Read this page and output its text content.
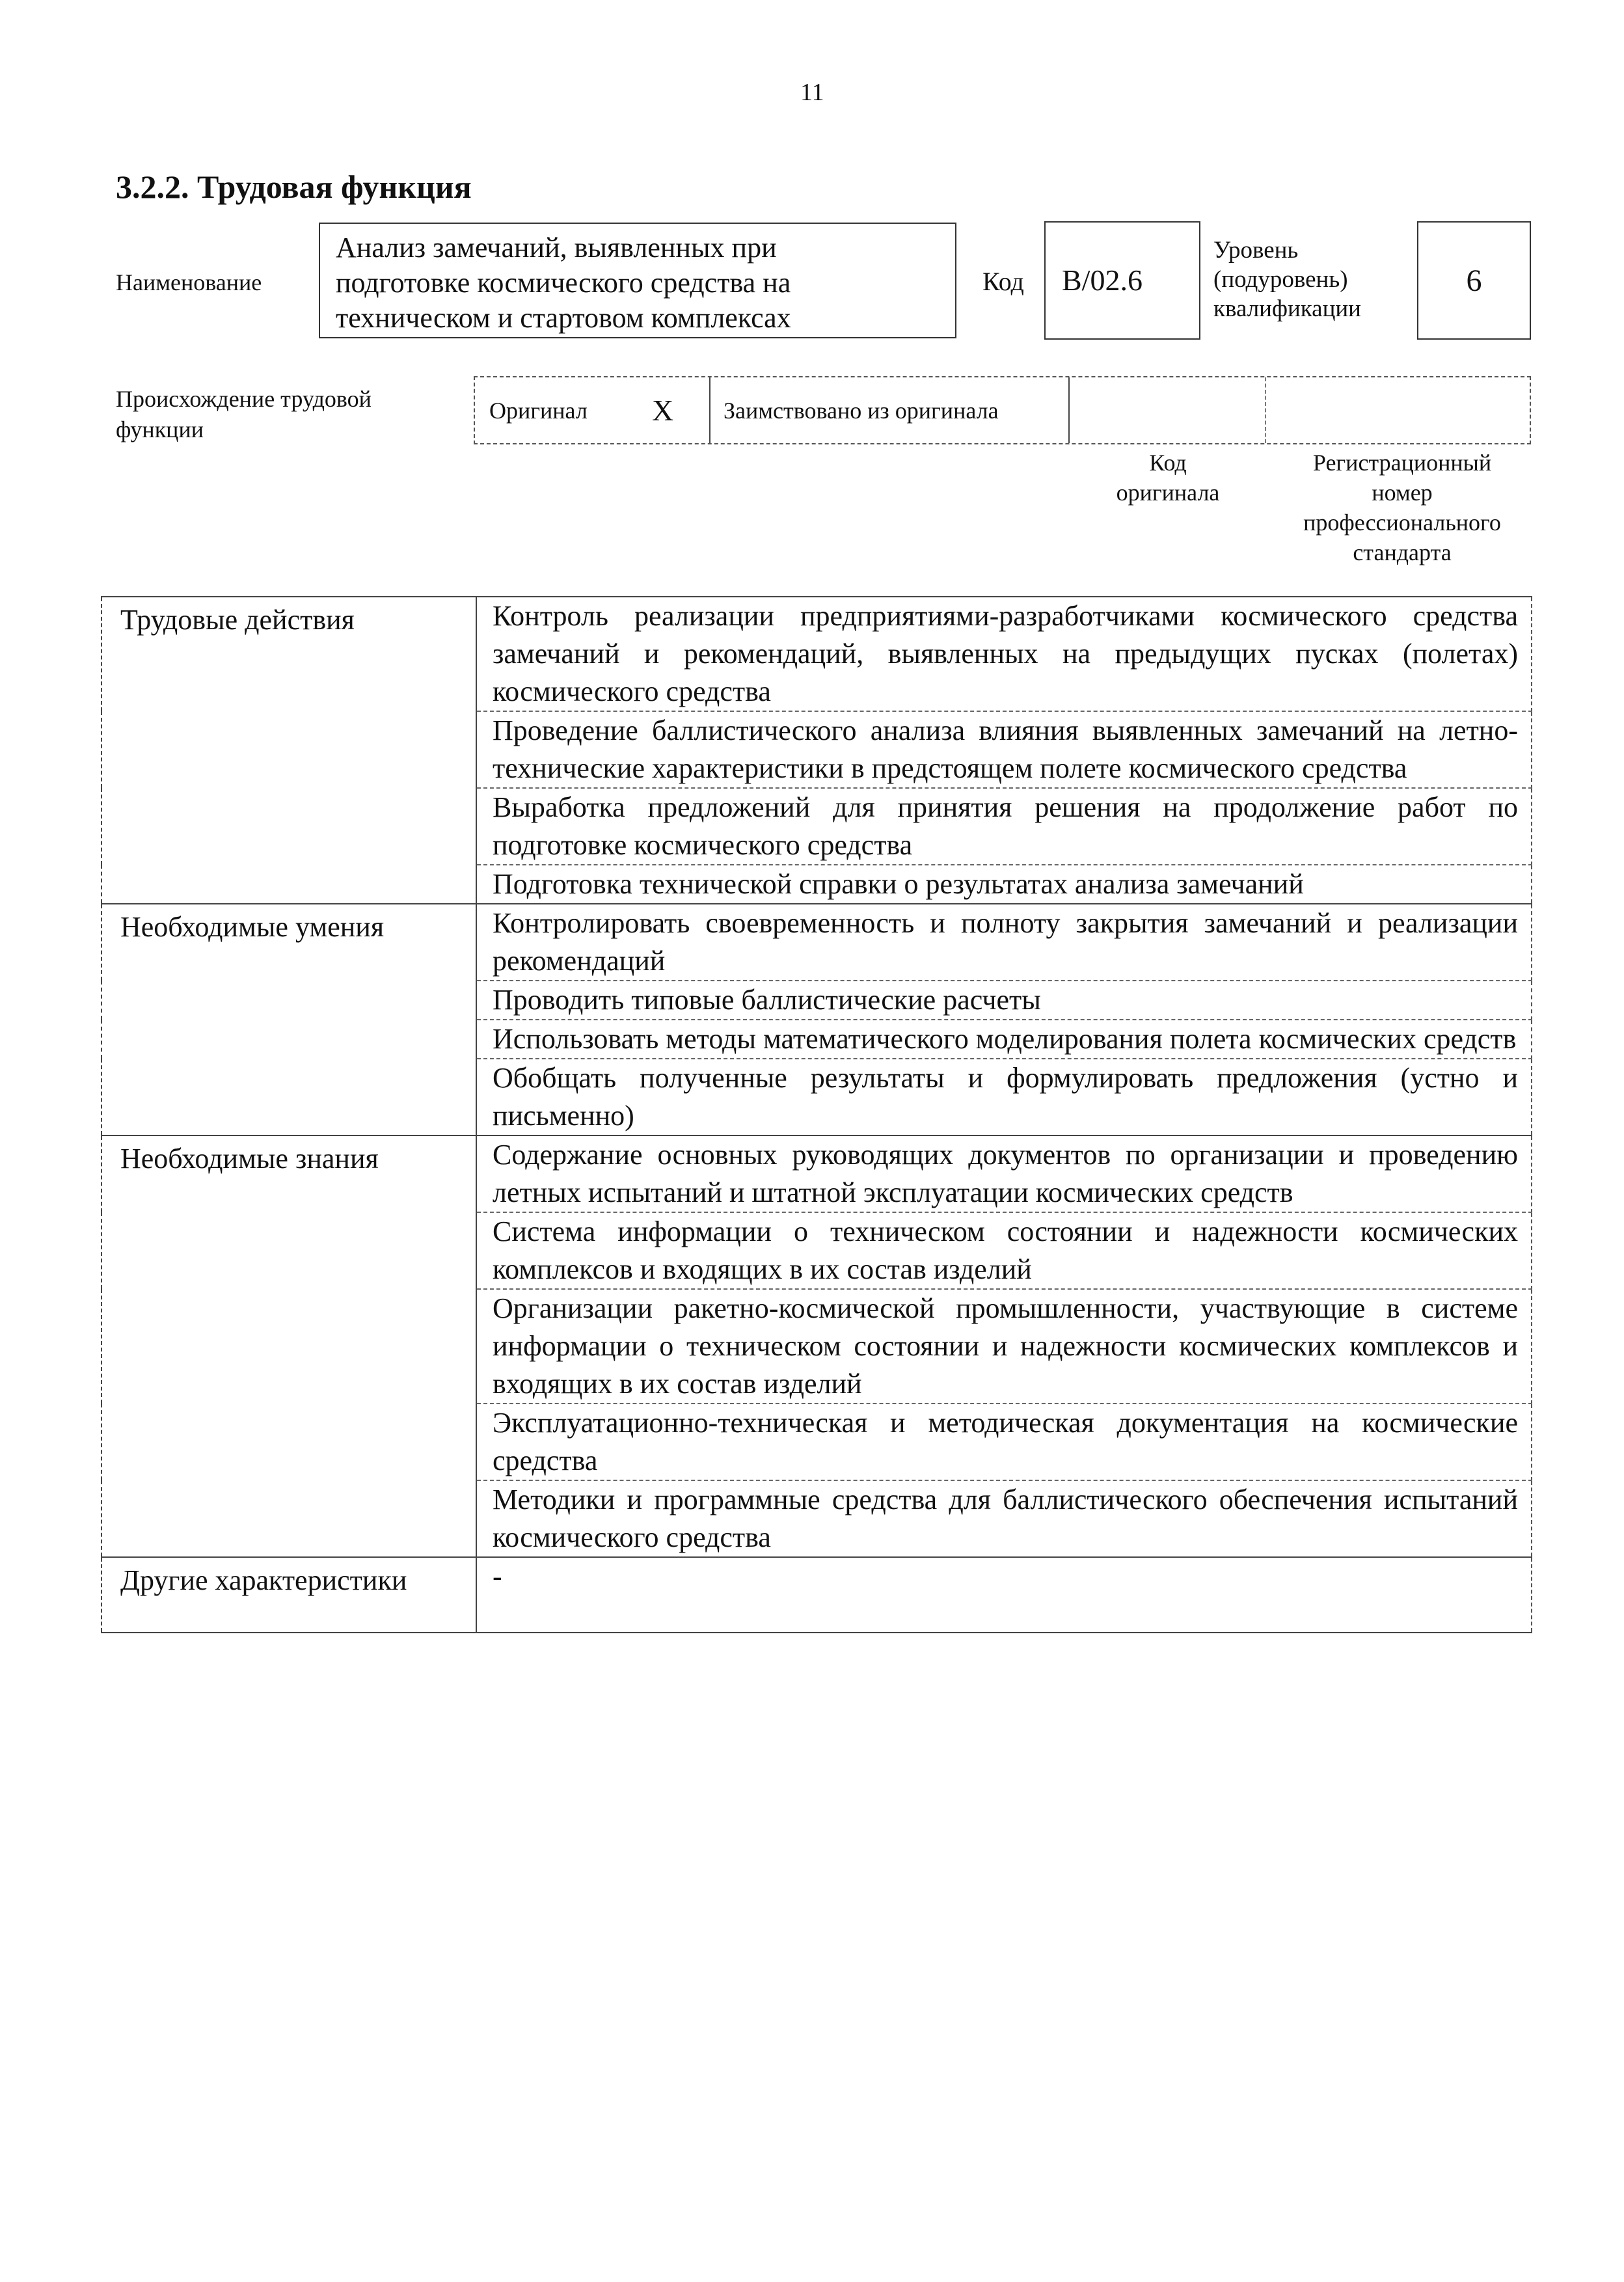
11
3.2.2. Трудовая функция
Наименование
Анализ замечаний, выявленных при
подготовке космического средства на
техническом и стартовом комплексах
Код	B/02.6
Уровень
(подуровень)
квалификации
6
Происхождение трудовой
функции
Оригинал	X	Заимствовано из оригинала
Код
оригинала
Регистрационный
номер
профессионального
стандарта
Трудовые действия	Контроль реализации предприятиями-разработчиками космического средства замечаний и рекомендаций, выявленных на предыдущих пусках (полетах) космического средства
	Проведение баллистического анализа влияния выявленных замечаний на летно-технические характеристики в предстоящем полете космического средства
	Выработка предложений для принятия решения на продолжение работ по подготовке космического средства
	Подготовка технической справки о результатах анализа замечаний
Необходимые умения	Контролировать своевременность и полноту закрытия замечаний и реализации рекомендаций
	Проводить типовые баллистические расчеты
	Использовать методы математического моделирования полета космических средств
	Обобщать полученные результаты и формулировать предложения (устно и письменно)
Необходимые знания	Содержание основных руководящих документов по организации и проведению летных испытаний и штатной эксплуатации космических средств
	Система информации о техническом состоянии и надежности космических комплексов и входящих в их состав изделий
	Организации ракетно-космической промышленности, участвующие в системе информации о техническом состоянии и надежности космических комплексов и входящих в их состав изделий
	Эксплуатационно-техническая и методическая документация на космические средства
	Методики и программные средства для баллистического обеспечения испытаний космического средства
Другие характеристики	-
